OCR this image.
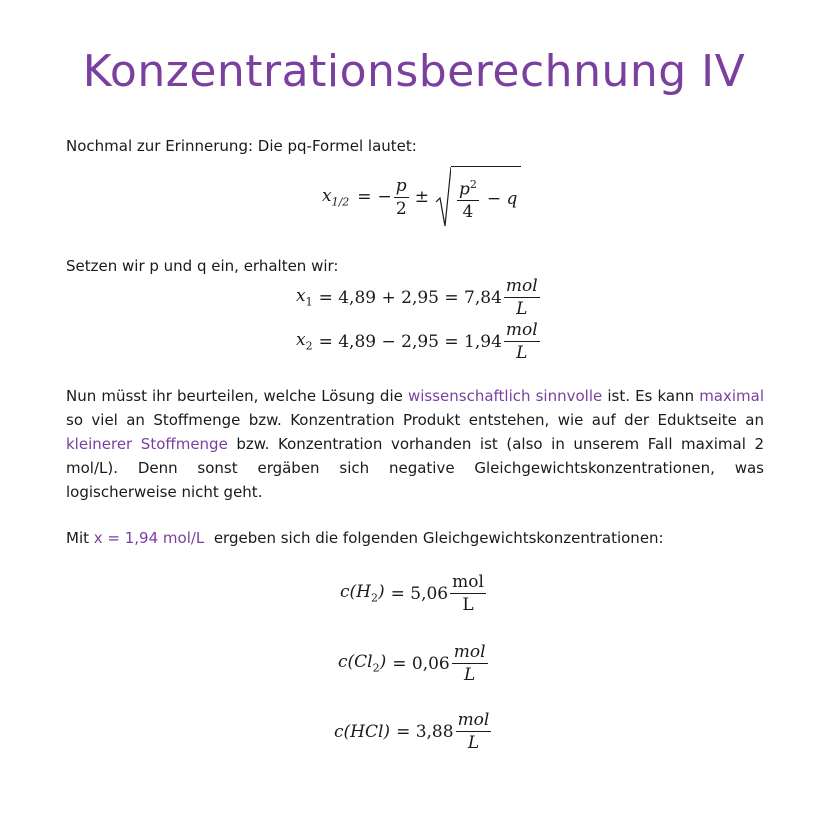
Konzentrationsberechnung IV
Nochmal zur Erinnerung: Die pq-Formel lautet:
$x_{1/2}$ = − $\frac{p}{2} \pm \frac{p^2}{4} - q$
Setzen wir p und q ein, erhalten wir:
$x_1 = 4,89 + 2,95 = 7,84 \frac{\text{mol}}{L}$
$x_2 = 4,89 - 2,95 = 1,94 \frac{\text{mol}}{L}$
Nun müsst ihr beurteilen, welche Lösung die wissenschaftlich sinnvolle ist. Es kann maximal so viel an Stoffmenge bzw. Konzentration Produkt entstehen, wie auf der Eduktseite an kleinerer Stoffmenge bzw. Konzentration vorhanden ist (also in unserem Fall maximal 2 mol/L). Denn sonst ergäben sich negative Gleichgewichtskonzentrationen, was logischerweise nicht geht.
Mit x = 1,94 mol/L  ergeben sich die folgenden Gleichgewichtskonzentrationen:
$c(H_2) = 5,06 \frac{\text{mol}}{L}$
$c(Cl_2) = 0,06 \frac{\text{mol}}{L}$
$c(HCl) = 3,88 \frac{\text{mol}}{L}$
